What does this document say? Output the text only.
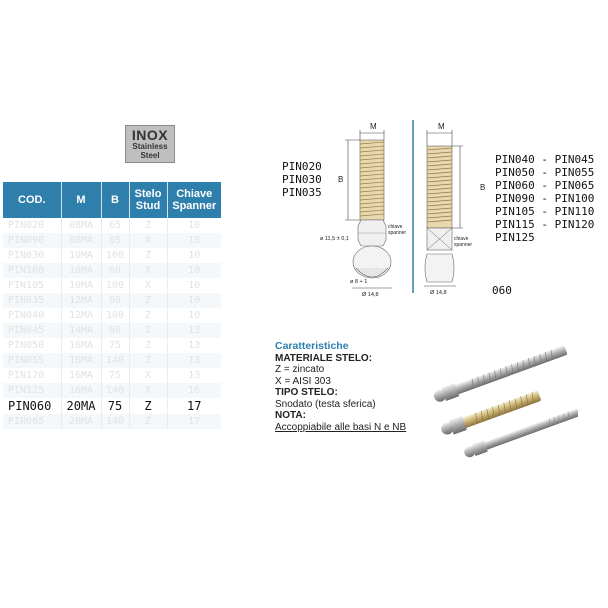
INOX
Stainless
Steel
COD.	M	B	Stelo
Stud	Chiave
Spanner
PIN020	08MA	65	Z	10
PIN090	08MA	65	X	10
PIN030	10MA	100	Z	10
PIN100	10MA	60	X	10
PIN105	10MA	100	X	10
PIN035	12MA	60	Z	10
PIN040	12MA	100	Z	10
PIN045	14MA	60	Z	13
PIN050	16MA	75	Z	13
PIN055	16MA	140	Z	13
PIN120	16MA	75	X	13
PIN125	16MA	140	X	16
PIN060	20MA	75	Z	17
PIN065	20MA	140	Z	17
PIN020
PIN030
PIN035
M
B
chiave
spanner
ø 11,5 ± 0,1
ø 8 + 1
Ø 14,8
M
B
chiave
spanner
Ø 14,8
PIN040 - PIN045
PIN050 - PIN055
PIN060 - PIN065
PIN090 - PIN100
PIN105 - PIN110
PIN115 - PIN120
PIN125
060
Caratteristiche
MATERIALE STELO:
Z = zincato
X = AISI 303
TIPO STELO:
Snodato (testa sferica)
NOTA:
Accoppiabile alle basi N e NB
